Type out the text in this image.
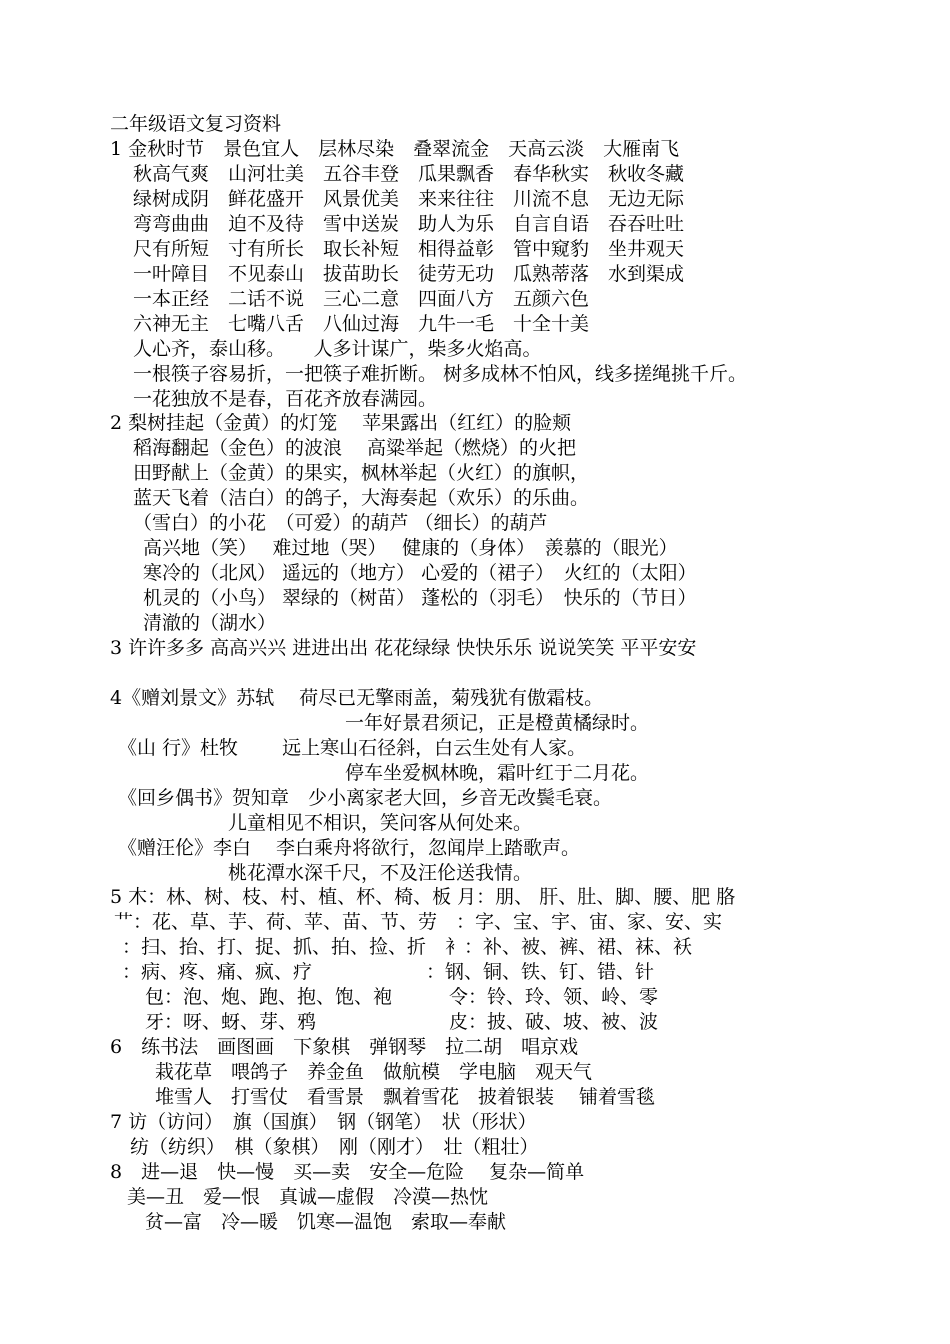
二年级语文复习资料
1 金秋时节　景色宜人　层林尽染　叠翠流金　天高云淡　大雁南飞
秋高气爽　山河壮美　五谷丰登　瓜果飘香　春华秋实　秋收冬藏
绿树成阴　鲜花盛开　风景优美　来来往往　川流不息　无边无际
弯弯曲曲　迫不及待　雪中送炭　助人为乐　自言自语　吞吞吐吐
尺有所短　寸有所长　取长补短　相得益彰　管中窥豹　坐井观天
一叶障目　不见泰山　拔苗助长　徒劳无功　瓜熟蒂落　水到渠成
一本正经　二话不说　三心二意　四面八方　五颜六色
六神无主　七嘴八舌　八仙过海　九牛一毛　十全十美
人心齐，泰山移。　　人多计谋广，柴多火焰高。
一根筷子容易折，一把筷子难折断。 树多成林不怕风，线多搓绳挑千斤。
一花独放不是春，百花齐放春满园。
2 梨树挂起（金黄）的灯笼　 苹果露出（红红）的脸颊
稻海翻起（金色）的波浪　 高粱举起（燃烧）的火把
田野献上（金黄）的果实，枫林举起（火红）的旗帜，
蓝天飞着（洁白）的鸽子，大海奏起（欢乐）的乐曲。
（雪白）的小花　（可爱）的葫芦 （细长）的葫芦
高兴地（笑）　 难过地（哭）　 健康的（身体）　羡慕的（眼光）
寒冷的（北风） 遥远的（地方） 心爱的（裙子）　火红的（太阳）
机灵的（小鸟） 翠绿的（树苗） 蓬松的（羽毛）　快乐的（节日）
清澈的（湖水）
3 许许多多 高高兴兴 进进出出 花花绿绿 快快乐乐 说说笑笑 平平安安
4《赠刘景文》苏轼　 荷尽已无擎雨盖，菊残犹有傲霜枝。
一年好景君须记，正是橙黄橘绿时。
《山 行》杜牧　　 远上寒山石径斜，白云生处有人家。
停车坐爱枫林晚，霜叶红于二月花。
《回乡偶书》贺知章　少小离家老大回，乡音无改鬓毛衰。
儿童相见不相识，笑问客从何处来。
《赠汪伦》李白　 李白乘舟将欲行，忽闻岸上踏歌声。
桃花潭水深千尺，不及汪伦送我情。
5 木：林、树、枝、村、植、杯、椅、板 月：朋、 肝、肚、脚、腰、肥 胳
艹：花、草、芋、荷、苹、苗、节、劳　：字、宝、宇、宙、家、安、实
：扫、抬、打、捉、抓、拍、捡、折　衤：补、被、裤、裙、袜、袄
：病、疼、痛、疯、疗　　　　　　：钢、铜、铁、钉、错、针
包：泡、炮、跑、抱、饱、袍　　　令：铃、玲、领、岭、零
牙：呀、蚜、芽、鸦　　　　　　　皮：披、破、坡、被、波
6　练书法　画图画　下象棋　弹钢琴　拉二胡　唱京戏
栽花草　喂鸽子　养金鱼　做航模　学电脑　观天气
堆雪人　打雪仗　看雪景　飘着雪花　披着银装　 铺着雪毯
7 访（访问）　旗（国旗）　钢（钢笔）　状（形状）
纺（纺织）　棋（象棋）　刚（刚才）　壮（粗壮）
8　进—退　快—慢　买—卖　安全—危险　 复杂—简单
美—丑　爱—恨　真诚—虚假　冷漠—热忱
贫—富　冷—暖　饥寒—温饱　索取—奉献
